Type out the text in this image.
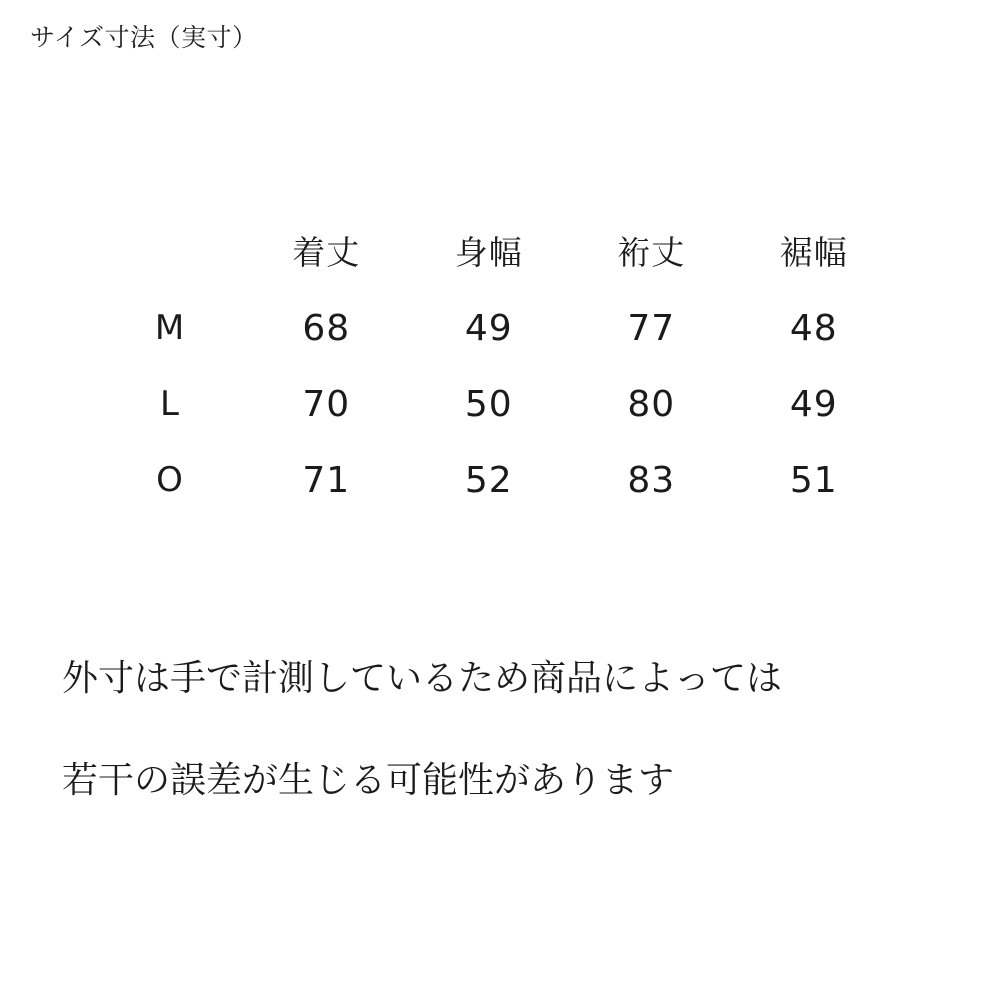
サイズ寸法（実寸）
	着丈	身幅	裄丈	裾幅
M	68	49	77	48
L	70	50	80	49
O	71	52	83	51

外寸は手で計測しているため商品によっては

若干の誤差が生じる可能性があります
